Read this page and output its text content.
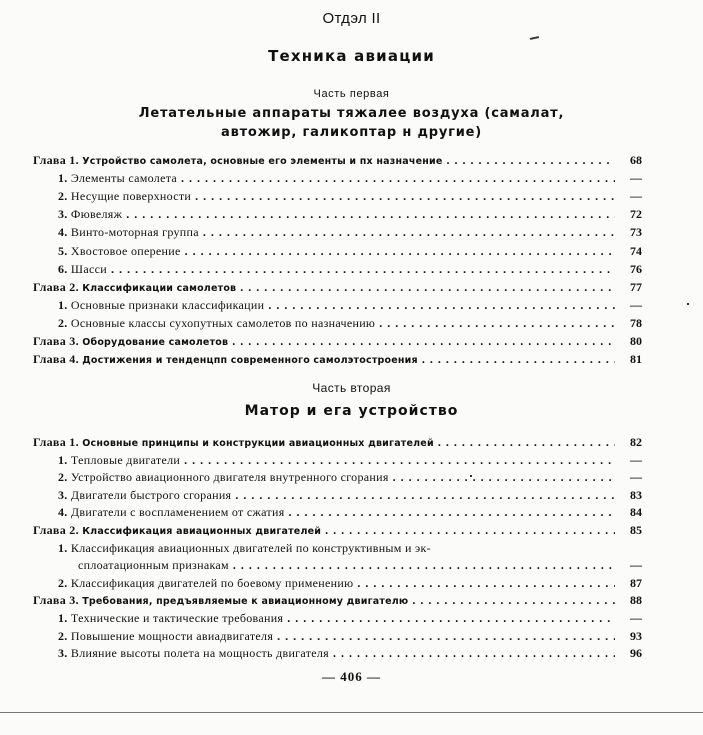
Отдэл II
Техника авиации
Часть первая
Летательные аппараты тяжалее воздуха (самалат,
автожир, галикоптар н другие)
Глава 1. Устройство самолета, основные его элементы и пх назначение . . .	68
1. Элементы самолета . . .	—
2. Несущие поверхности . . .	—
3. Фювеляж . . .	72
4. Винто-моторная группа . . .	73
5. Хвостовое оперение . . .	74
6. Шасси . . .	76
Глава 2. Классификации самолетов . . .	77
1. Основные признаки классификации . . .	—
2. Основные классы сухопутных самолетов по назначению . . .	78
Глава 3. Оборудование самолетов . . .	80
Глава 4. Достижения и тенденцпп современного самолэтостроения . . .	81
Часть вторая
Матор и ега устройство
Глава 1. Основные принципы и конструкции авиационных двигателей . . .	82
1. Тепловые двигатели . . .	—
2. Устройство авиационного двигателя внутренного сгорания . . .	—
3. Двигатели быстрого сгорания . . .	83
4. Двигатели с воспламенением от сжатия . . .	84
Глава 2. Классификация авиационных двигателей . . .	85
1. Классификация авиационных двигателей по конструктивным и эк-
сплоатационным признакам . . .	—
2. Классификация двигателей по боевому применению . . .	87
Глава 3. Требования, предъявляемые к авиационному двигателю . . .	88
1. Технические и тактические требования . . .	—
2. Повышение мощности авиадвигателя . . .	93
3. Влияние высоты полета на мощность двигателя . . .	96
— 406 —
